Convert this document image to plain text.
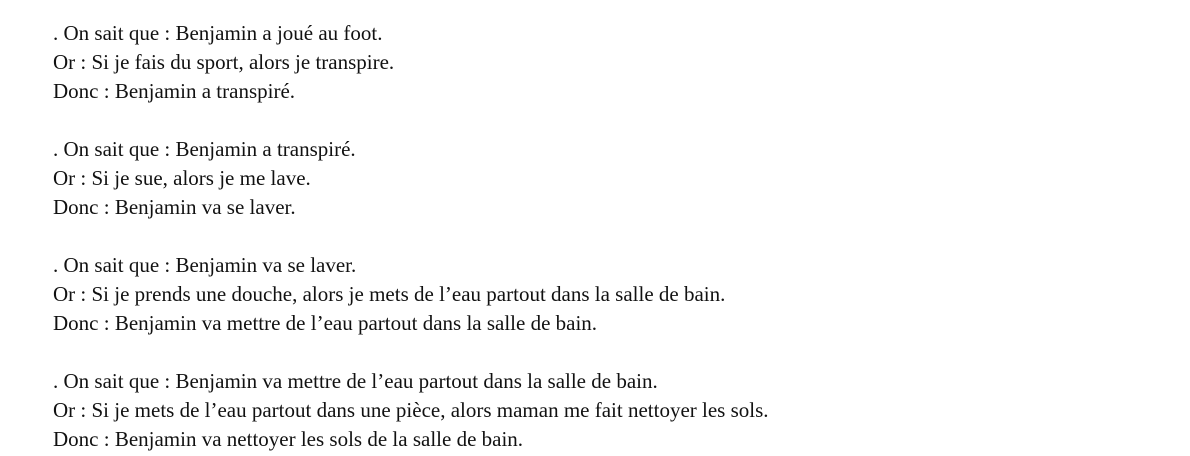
. On sait que : Benjamin a joué au foot.
Or : Si je fais du sport, alors je transpire.
Donc : Benjamin a transpiré.
. On sait que : Benjamin a transpiré.
Or : Si je sue, alors je me lave.
Donc : Benjamin va se laver.
. On sait que : Benjamin va se laver.
Or : Si je prends une douche, alors je mets de l’eau partout dans la salle de bain.
Donc : Benjamin va mettre de l’eau partout dans la salle de bain.
. On sait que : Benjamin va mettre de l’eau partout dans la salle de bain.
Or : Si je mets de l’eau partout dans une pièce, alors maman me fait nettoyer les sols.
Donc : Benjamin va nettoyer les sols de la salle de bain.
